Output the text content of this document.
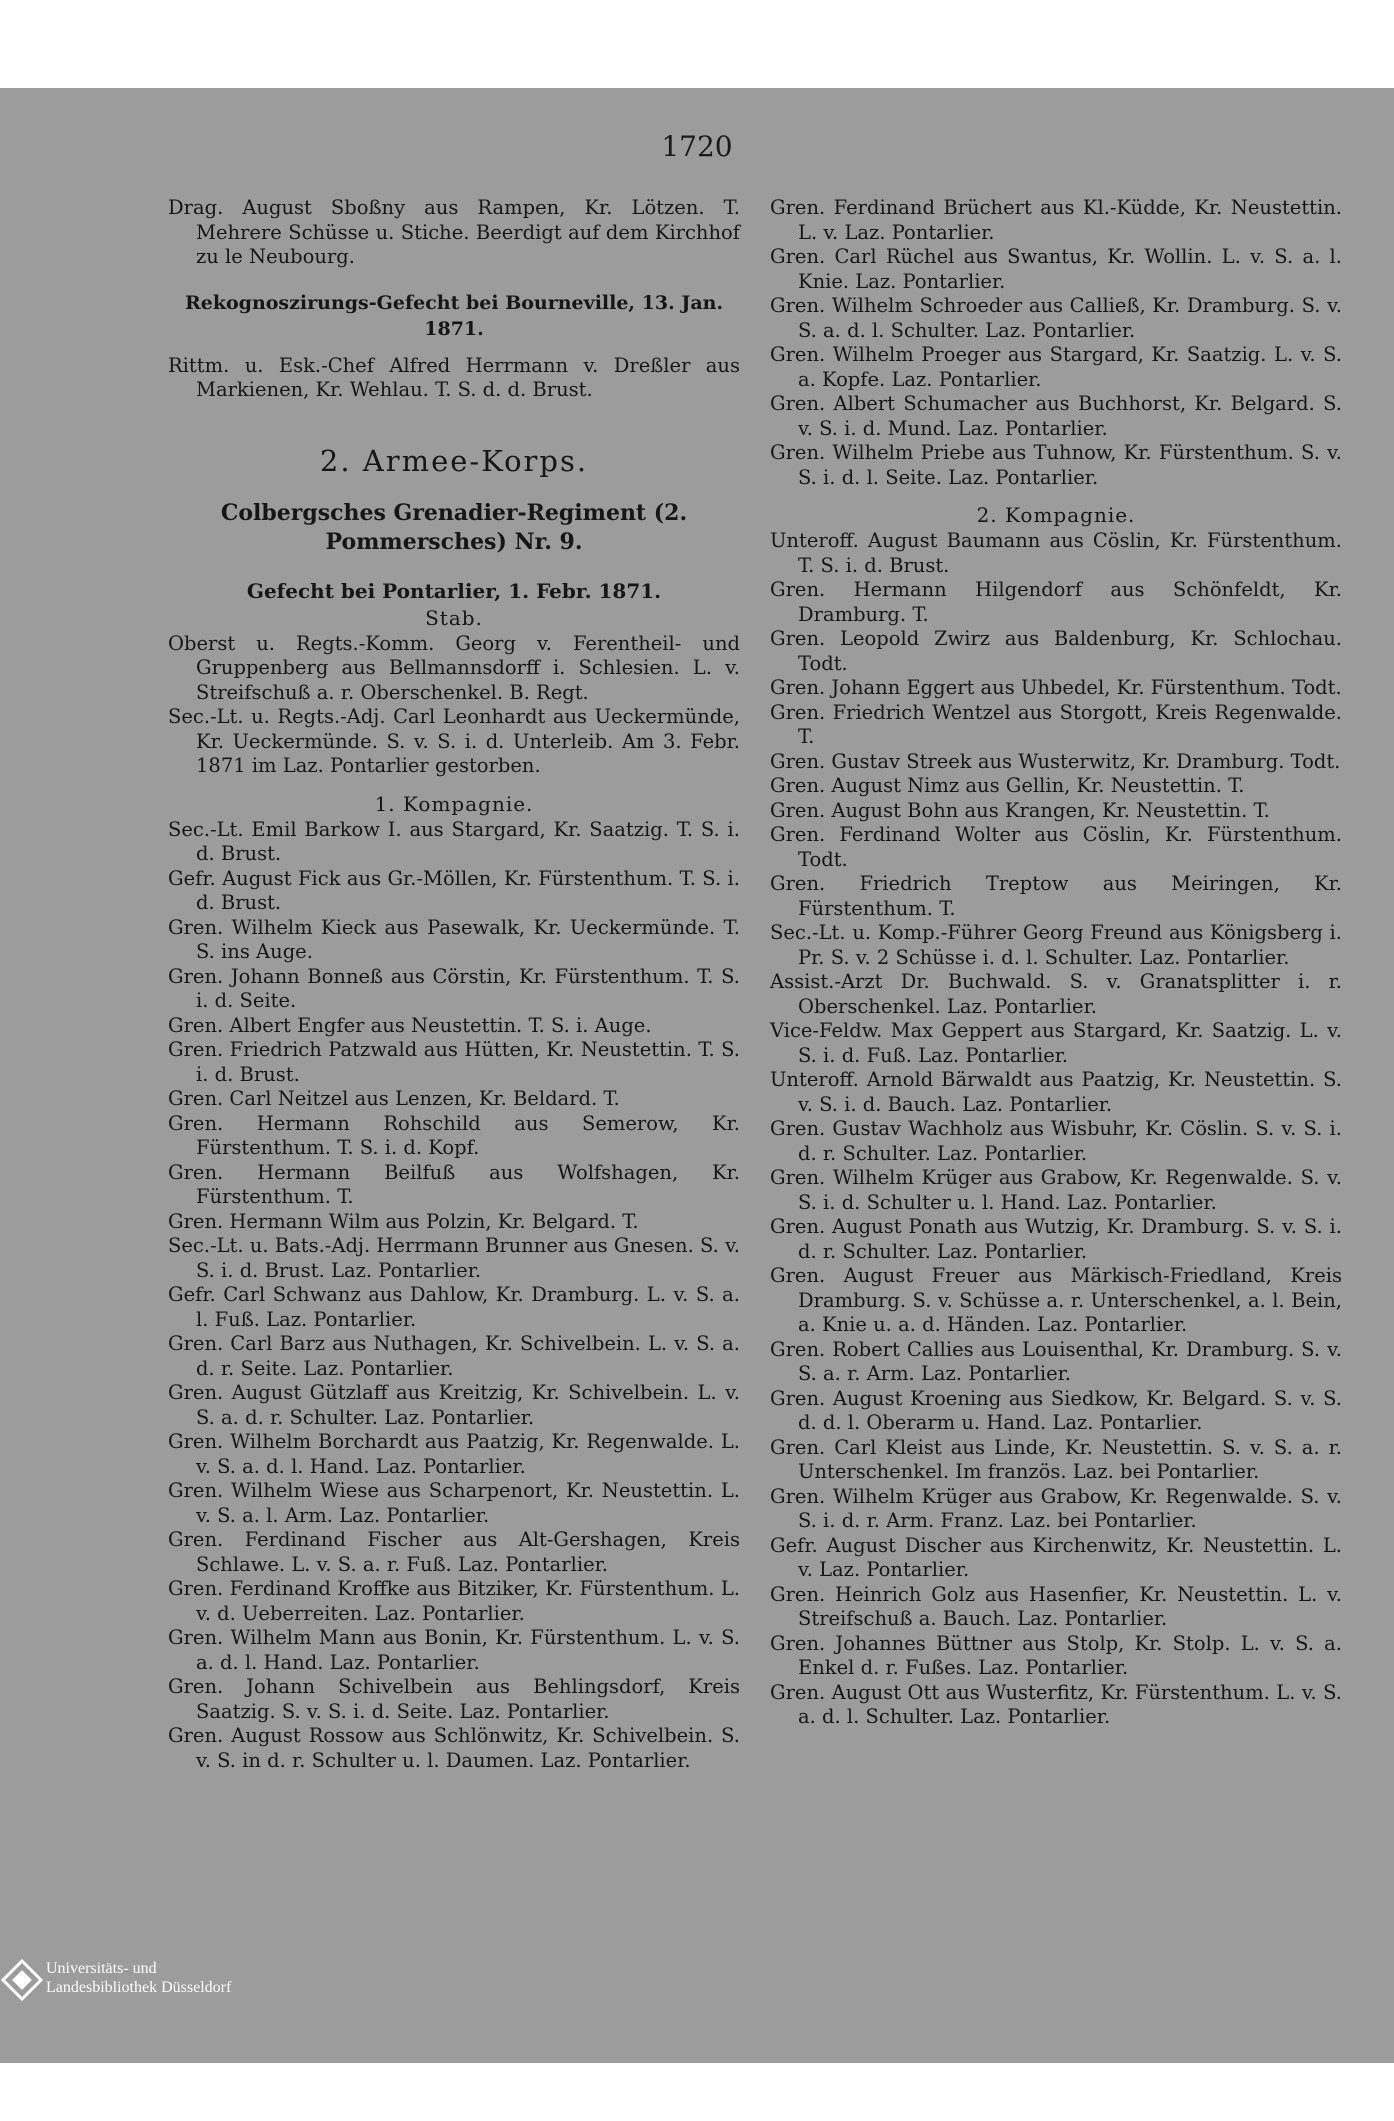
1720

Drag. August Sboßny aus Rampen, Kr. Lötzen. T. Mehrere Schüsse u. Stiche. Beerdigt auf dem Kirchhof zu le Neubourg.

Rekognoszirungs-Gefecht bei Bourneville, 13. Jan. 1871.

Rittm. u. Esk.-Chef Alfred Herrmann v. Dreßler aus Markienen, Kr. Wehlau. T. S. d. d. Brust.

2. Armee-Korps.

Colbergsches Grenadier-Regiment (2. Pommersches) Nr. 9.

Gefecht bei Pontarlier, 1. Febr. 1871.

Stab.

Oberst u. Regts.-Komm. Georg v. Ferentheil- und Gruppenberg aus Bellmannsdorff i. Schlesien. L. v. Streifschuß a. r. Oberschenkel. B. Regt.

Sec.-Lt. u. Regts.-Adj. Carl Leonhardt aus Ueckermünde, Kr. Ueckermünde. S. v. S. i. d. Unterleib. Am 3. Febr. 1871 im Laz. Pontarlier gestorben.

1. Kompagnie.

Sec.-Lt. Emil Barkow I. aus Stargard, Kr. Saatzig. T. S. i. d. Brust.

Gefr. August Fick aus Gr.-Möllen, Kr. Fürstenthum. T. S. i. d. Brust.

Gren. Wilhelm Kieck aus Pasewalk, Kr. Ueckermünde. T. S. ins Auge.

Gren. Johann Bonneß aus Cörstin, Kr. Fürstenthum. T. S. i. d. Seite.

Gren. Albert Engfer aus Neustettin. T. S. i. Auge.

Gren. Friedrich Patzwald aus Hütten, Kr. Neustettin. T. S. i. d. Brust.

Gren. Carl Neitzel aus Lenzen, Kr. Beldard. T.

Gren. Hermann Rohschild aus Semerow, Kr. Fürstenthum. T. S. i. d. Kopf.

Gren. Hermann Beilfuß aus Wolfshagen, Kr. Fürstenthum. T.

Gren. Hermann Wilm aus Polzin, Kr. Belgard. T.

Sec.-Lt. u. Bats.-Adj. Herrmann Brunner aus Gnesen. S. v. S. i. d. Brust. Laz. Pontarlier.

Gefr. Carl Schwanz aus Dahlow, Kr. Dramburg. L. v. S. a. l. Fuß. Laz. Pontarlier.

Gren. Carl Barz aus Nuthagen, Kr. Schivelbein. L. v. S. a. d. r. Seite. Laz. Pontarlier.

Gren. August Gützlaff aus Kreitzig, Kr. Schivelbein. L. v. S. a. d. r. Schulter. Laz. Pontarlier.

Gren. Wilhelm Borchardt aus Paatzig, Kr. Regenwalde. L. v. S. a. d. l. Hand. Laz. Pontarlier.

Gren. Wilhelm Wiese aus Scharpenort, Kr. Neustettin. L. v. S. a. l. Arm. Laz. Pontarlier.

Gren. Ferdinand Fischer aus Alt-Gershagen, Kreis Schlawe. L. v. S. a. r. Fuß. Laz. Pontarlier.

Gren. Ferdinand Kroffke aus Bitziker, Kr. Fürstenthum. L. v. d. Ueberreiten. Laz. Pontarlier.

Gren. Wilhelm Mann aus Bonin, Kr. Fürstenthum. L. v. S. a. d. l. Hand. Laz. Pontarlier.

Gren. Johann Schivelbein aus Behlingsdorf, Kreis Saatzig. S. v. S. i. d. Seite. Laz. Pontarlier.

Gren. August Rossow aus Schlönwitz, Kr. Schivelbein. S. v. S. in d. r. Schulter u. l. Daumen. Laz. Pontarlier.

Gren. Ferdinand Brüchert aus Kl.-Küdde, Kr. Neustettin. L. v. Laz. Pontarlier.

Gren. Carl Rüchel aus Swantus, Kr. Wollin. L. v. S. a. l. Knie. Laz. Pontarlier.

Gren. Wilhelm Schroeder aus Calließ, Kr. Dramburg. S. v. S. a. d. l. Schulter. Laz. Pontarlier.

Gren. Wilhelm Proeger aus Stargard, Kr. Saatzig. L. v. S. a. Kopfe. Laz. Pontarlier.

Gren. Albert Schumacher aus Buchhorst, Kr. Belgard. S. v. S. i. d. Mund. Laz. Pontarlier.

Gren. Wilhelm Priebe aus Tuhnow, Kr. Fürstenthum. S. v. S. i. d. l. Seite. Laz. Pontarlier.

2. Kompagnie.

Unteroff. August Baumann aus Cöslin, Kr. Fürstenthum. T. S. i. d. Brust.

Gren. Hermann Hilgendorf aus Schönfeldt, Kr. Dramburg. T.

Gren. Leopold Zwirz aus Baldenburg, Kr. Schlochau. Todt.

Gren. Johann Eggert aus Uhbedel, Kr. Fürstenthum. Todt.

Gren. Friedrich Wentzel aus Storgott, Kreis Regenwalde. T.

Gren. Gustav Streek aus Wusterwitz, Kr. Dramburg. Todt.

Gren. August Nimz aus Gellin, Kr. Neustettin. T.

Gren. August Bohn aus Krangen, Kr. Neustettin. T.

Gren. Ferdinand Wolter aus Cöslin, Kr. Fürstenthum. Todt.

Gren. Friedrich Treptow aus Meiringen, Kr. Fürstenthum. T.

Sec.-Lt. u. Komp.-Führer Georg Freund aus Königsberg i. Pr. S. v. 2 Schüsse i. d. l. Schulter. Laz. Pontarlier.

Assist.-Arzt Dr. Buchwald. S. v. Granatsplitter i. r. Oberschenkel. Laz. Pontarlier.

Vice-Feldw. Max Geppert aus Stargard, Kr. Saatzig. L. v. S. i. d. Fuß. Laz. Pontarlier.

Unteroff. Arnold Bärwaldt aus Paatzig, Kr. Neustettin. S. v. S. i. d. Bauch. Laz. Pontarlier.

Gren. Gustav Wachholz aus Wisbuhr, Kr. Cöslin. S. v. S. i. d. r. Schulter. Laz. Pontarlier.

Gren. Wilhelm Krüger aus Grabow, Kr. Regenwalde. S. v. S. i. d. Schulter u. l. Hand. Laz. Pontarlier.

Gren. August Ponath aus Wutzig, Kr. Dramburg. S. v. S. i. d. r. Schulter. Laz. Pontarlier.

Gren. August Freuer aus Märkisch-Friedland, Kreis Dramburg. S. v. Schüsse a. r. Unterschenkel, a. l. Bein, a. Knie u. a. d. Händen. Laz. Pontarlier.

Gren. Robert Callies aus Louisenthal, Kr. Dramburg. S. v. S. a. r. Arm. Laz. Pontarlier.

Gren. August Kroening aus Siedkow, Kr. Belgard. S. v. S. d. d. l. Oberarm u. Hand. Laz. Pontarlier.

Gren. Carl Kleist aus Linde, Kr. Neustettin. S. v. S. a. r. Unterschenkel. Im französ. Laz. bei Pontarlier.

Gren. Wilhelm Krüger aus Grabow, Kr. Regenwalde. S. v. S. i. d. r. Arm. Franz. Laz. bei Pontarlier.

Gefr. August Discher aus Kirchenwitz, Kr. Neustettin. L. v. Laz. Pontarlier.

Gren. Heinrich Golz aus Hasenfier, Kr. Neustettin. L. v. Streifschuß a. Bauch. Laz. Pontarlier.

Gren. Johannes Büttner aus Stolp, Kr. Stolp. L. v. S. a. Enkel d. r. Fußes. Laz. Pontarlier.

Gren. August Ott aus Wusterfitz, Kr. Fürstenthum. L. v. S. a. d. l. Schulter. Laz. Pontarlier.

Universitäts- und
Landesbibliothek Düsseldorf
